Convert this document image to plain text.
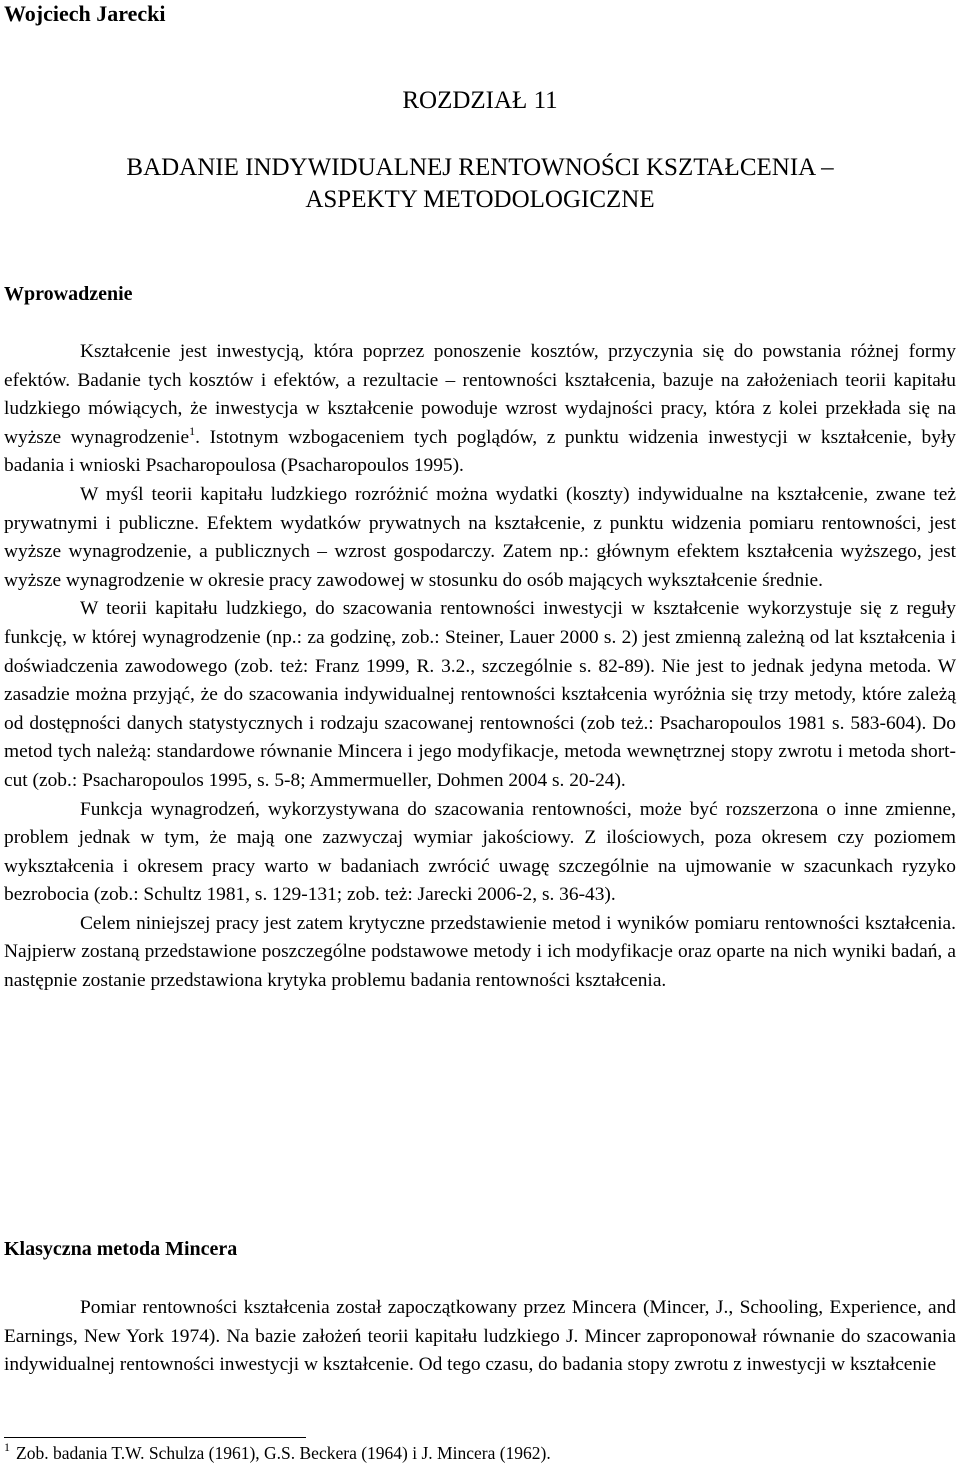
Wojciech Jarecki
ROZDZIAŁ 11
BADANIE INDYWIDUALNEJ RENTOWNOŚCI KSZTAŁCENIA –
ASPEKTY METODOLOGICZNE
Wprowadzenie

Kształcenie jest inwestycją, która poprzez ponoszenie kosztów, przyczynia się do powstania różnej formy efektów. Badanie tych kosztów i efektów, a rezultacie – rentowności kształcenia, bazuje na założeniach teorii kapitału ludzkiego mówiących, że inwestycja w kształcenie powoduje wzrost wydajności pracy, która z kolei przekłada się na wyższe wynagrodzenie$^1$. Istotnym wzbogaceniem tych poglądów, z punktu widzenia inwestycji w kształcenie, były badania i wnioski Psacharopoulosa (Psacharopoulos 1995).

W myśl teorii kapitału ludzkiego rozróżnić można wydatki (koszty) indywidualne na kształcenie, zwane też prywatnymi i publiczne. Efektem wydatków prywatnych na kształcenie, z punktu widzenia pomiaru rentowności, jest wyższe wynagrodzenie, a publicznych – wzrost gospodarczy. Zatem np.: głównym efektem kształcenia wyższego, jest wyższe wynagrodzenie w okresie pracy zawodowej w stosunku do osób mających wykształcenie średnie.

W teorii kapitału ludzkiego, do szacowania rentowności inwestycji w kształcenie wykorzystuje się z reguły funkcję, w której wynagrodzenie (np.: za godzinę, zob.: Steiner, Lauer 2000 s. 2) jest zmienną zależną od lat kształcenia i doświadczenia zawodowego (zob. też: Franz 1999, R. 3.2., szczególnie s. 82-89). Nie jest to jednak jedyna metoda. W zasadzie można przyjąć, że do szacowania indywidualnej rentowności kształcenia wyróżnia się trzy metody, które zależą od dostępności danych statystycznych i rodzaju szacowanej rentowności (zob też.: Psacharopoulos 1981 s. 583-604). Do metod tych należą: standardowe równanie Mincera i jego modyfikacje, metoda wewnętrznej stopy zwrotu i metoda short-cut (zob.: Psacharopoulos 1995, s. 5-8; Ammermueller, Dohmen 2004 s. 20-24).

Funkcja wynagrodzeń, wykorzystywana do szacowania rentowności, może być rozszerzona o inne zmienne, problem jednak w tym, że mają one zazwyczaj wymiar jakościowy. Z ilościowych, poza okresem czy poziomem wykształcenia i okresem pracy warto w badaniach zwrócić uwagę szczególnie na ujmowanie w szacunkach ryzyko bezrobocia (zob.: Schultz 1981, s. 129-131; zob. też: Jarecki 2006-2, s. 36-43).

Celem niniejszej pracy jest zatem krytyczne przedstawienie metod i wyników pomiaru rentowności kształcenia. Najpierw zostaną przedstawione poszczególne podstawowe metody i ich modyfikacje oraz oparte na nich wyniki badań, a następnie zostanie przedstawiona krytyka problemu badania rentowności kształcenia.

Klasyczna metoda Mincera

Pomiar rentowności kształcenia został zapoczątkowany przez Mincera (Mincer, J., Schooling, Experience, and Earnings, New York 1974). Na bazie założeń teorii kapitału ludzkiego J. Mincer zaproponował równanie do szacowania indywidualnej rentowności inwestycji w kształcenie. Od tego czasu, do badania stopy zwrotu z inwestycji w kształcenie

$^1$ Zob. badania T.W. Schulza (1961), G.S. Beckera (1964) i J. Mincera (1962).
